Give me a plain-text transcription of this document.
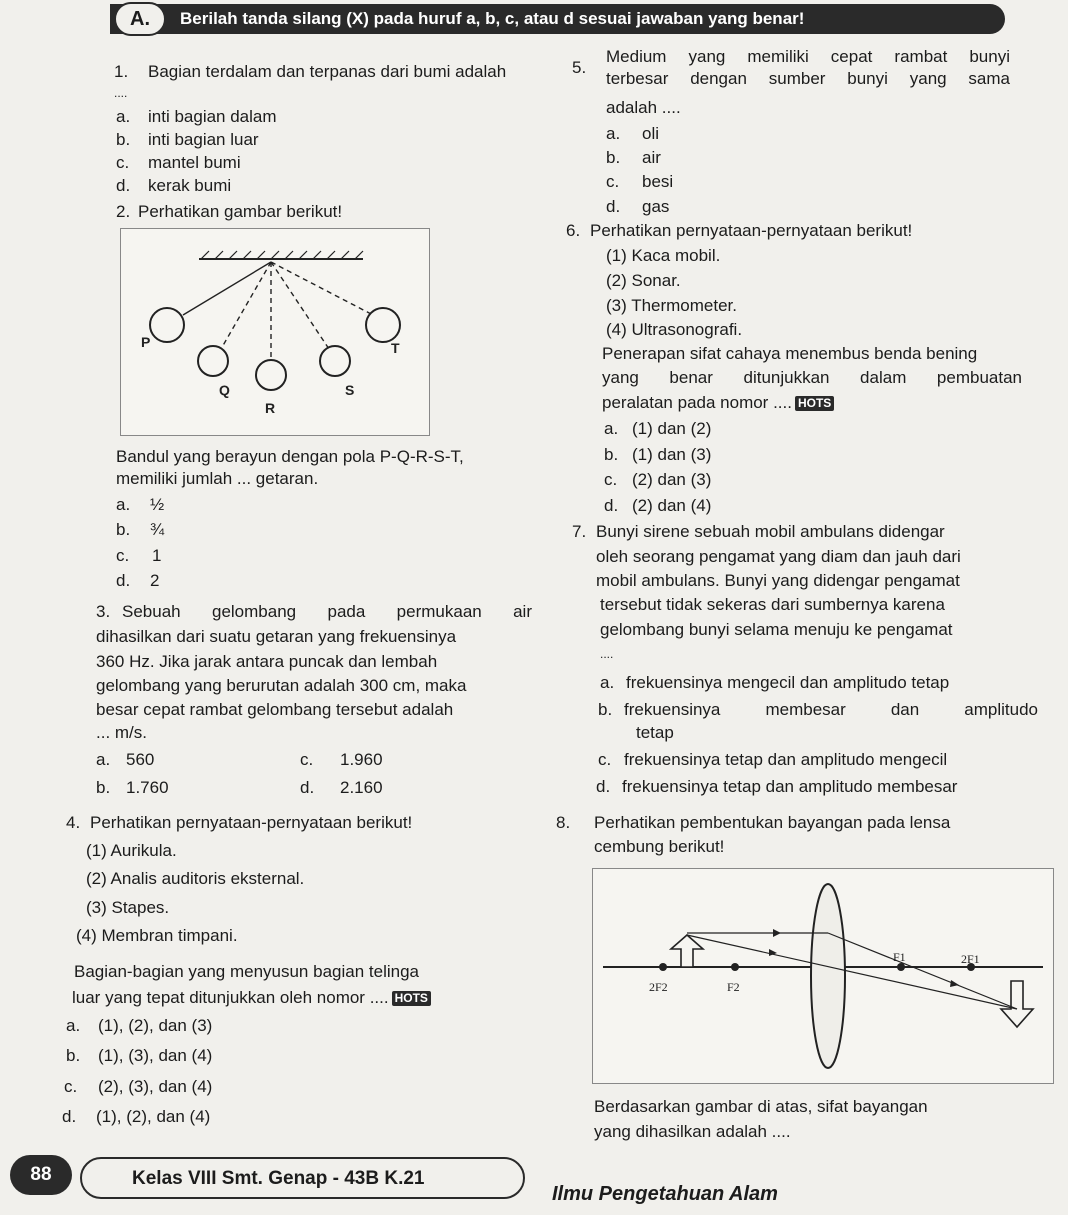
A.	Berilah tanda silang (X) pada huruf a, b, c, atau d sesuai jawaban yang benar!
1. Bagian terdalam dan terpanas dari bumi adalah
....
a. inti bagian dalam
b. inti bagian luar
c. mantel bumi
d. kerak bumi
2. Perhatikan gambar berikut!
P
Q
R
S
T
Bandul yang berayun dengan pola P-Q-R-S-T,
memiliki jumlah ... getaran.
a. ½
b. ¾
c. 1
d. 2
3. Sebuah gelombang pada permukaan air
dihasilkan dari suatu getaran yang frekuensinya
360 Hz. Jika jarak antara puncak dan lembah
gelombang yang berurutan adalah 300 cm, maka
besar cepat rambat gelombang tersebut adalah
... m/s.
a. 560
b. 1.760
c. 1.960
d. 2.160
4. Perhatikan pernyataan-pernyataan berikut!
(1) Aurikula.
(2) Analis auditoris eksternal.
(3) Stapes.
(4) Membran timpani.
Bagian-bagian yang menyusun bagian telinga
luar yang tepat ditunjukkan oleh nomor .... HOTS
a. (1), (2), dan (3)
b. (1), (3), dan (4)
c. (2), (3), dan (4)
d. (1), (2), dan (4)
5.
Medium yang memiliki cepat rambat bunyi
terbesar dengan sumber bunyi yang sama
adalah ....
a. oli
b. air
c. besi
d. gas
6. Perhatikan pernyataan-pernyataan berikut!
(1) Kaca mobil.
(2) Sonar.
(3) Thermometer.
(4) Ultrasonografi.
Penerapan sifat cahaya menembus benda bening
yang benar ditunjukkan dalam pembuatan
peralatan pada nomor .... HOTS
a. (1) dan (2)
b. (1) dan (3)
c. (2) dan (3)
d. (2) dan (4)
7. Bunyi sirene sebuah mobil ambulans didengar
oleh seorang pengamat yang diam dan jauh dari
mobil ambulans. Bunyi yang didengar pengamat
tersebut tidak sekeras dari sumbernya karena
gelombang bunyi selama menuju ke pengamat
....
a. frekuensinya mengecil dan amplitudo tetap
b. frekuensinya membesar dan amplitudo
tetap
c. frekuensinya tetap dan amplitudo mengecil
d. frekuensinya tetap dan amplitudo membesar
8. Perhatikan pembentukan bayangan pada lensa
cembung berikut!
2F2	F2
F1	2F1
Berdasarkan gambar di atas, sifat bayangan
yang dihasilkan adalah ....
88	Kelas VIII Smt. Genap - 43B K.21
Ilmu Pengetahuan Alam
